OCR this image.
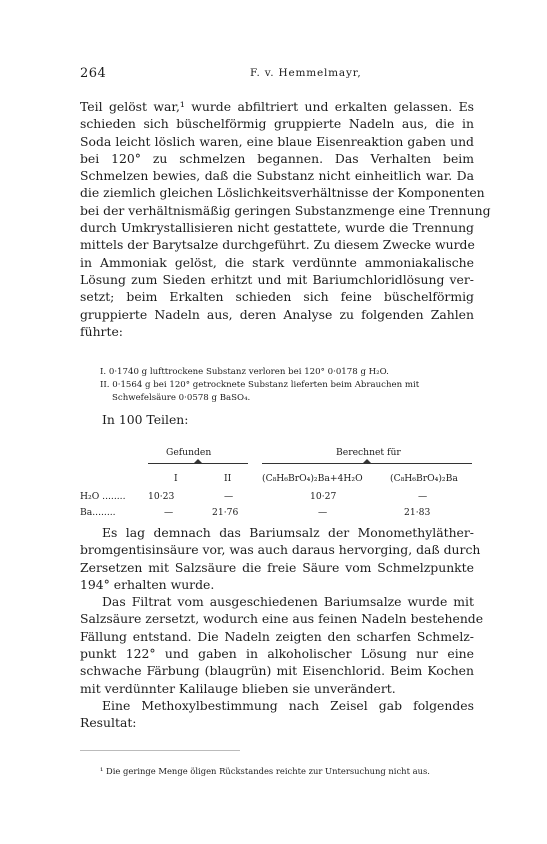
264	F. v. Hemmelmayr,
Teil gelöst war,¹ wurde abfiltriert und erkalten gelassen. Es
schieden sich büschelförmig gruppierte Nadeln aus, die in
Soda leicht löslich waren, eine blaue Eisenreaktion gaben und
bei 120° zu schmelzen begannen. Das Verhalten beim
Schmelzen bewies, daß die Substanz nicht einheitlich war. Da
die ziemlich gleichen Löslichkeitsverhältnisse der Komponenten
bei der verhältnismäßig geringen Substanzmenge eine Trennung
durch Umkrystallisieren nicht gestattete, wurde die Trennung
mittels der Barytsalze durchgeführt. Zu diesem Zwecke wurde
in Ammoniak gelöst, die stark verdünnte ammoniakalische
Lösung zum Sieden erhitzt und mit Bariumchloridlösung ver-
setzt; beim Erkalten schieden sich feine büschelförmig
gruppierte Nadeln aus, deren Analyse zu folgenden Zahlen
führte:
I. 0·1740 g lufttrockene Substanz verloren bei 120° 0·0178 g H₂O.
II. 0·1564 g bei 120° getrocknete Substanz lieferten beim Abrauchen mit
Schwefelsäure 0·0578 g BaSO₄.
In 100 Teilen:
Gefunden	Berechnet für
I	II	(C₈H₆BrO₄)₂Ba+4H₂O	(C₈H₆BrO₄)₂Ba
H₂O ........ 10·23	—	10·27	—
Ba........	—	21·76	—	21·83
Es lag demnach das Bariumsalz der Monomethyläther-
bromgentisinsäure vor, was auch daraus hervorging, daß durch
Zersetzen mit Salzsäure die freie Säure vom Schmelzpunkte
194° erhalten wurde.
Das Filtrat vom ausgeschiedenen Bariumsalze wurde mit
Salzsäure zersetzt, wodurch eine aus feinen Nadeln bestehende
Fällung entstand. Die Nadeln zeigten den scharfen Schmelz-
punkt 122° und gaben in alkoholischer Lösung nur eine
schwache Färbung (blaugrün) mit Eisenchlorid. Beim Kochen
mit verdünnter Kalilauge blieben sie unverändert.
Eine Methoxylbestimmung nach Zeisel gab folgendes
Resultat:
¹ Die geringe Menge öligen Rückstandes reichte zur Untersuchung nicht aus.
